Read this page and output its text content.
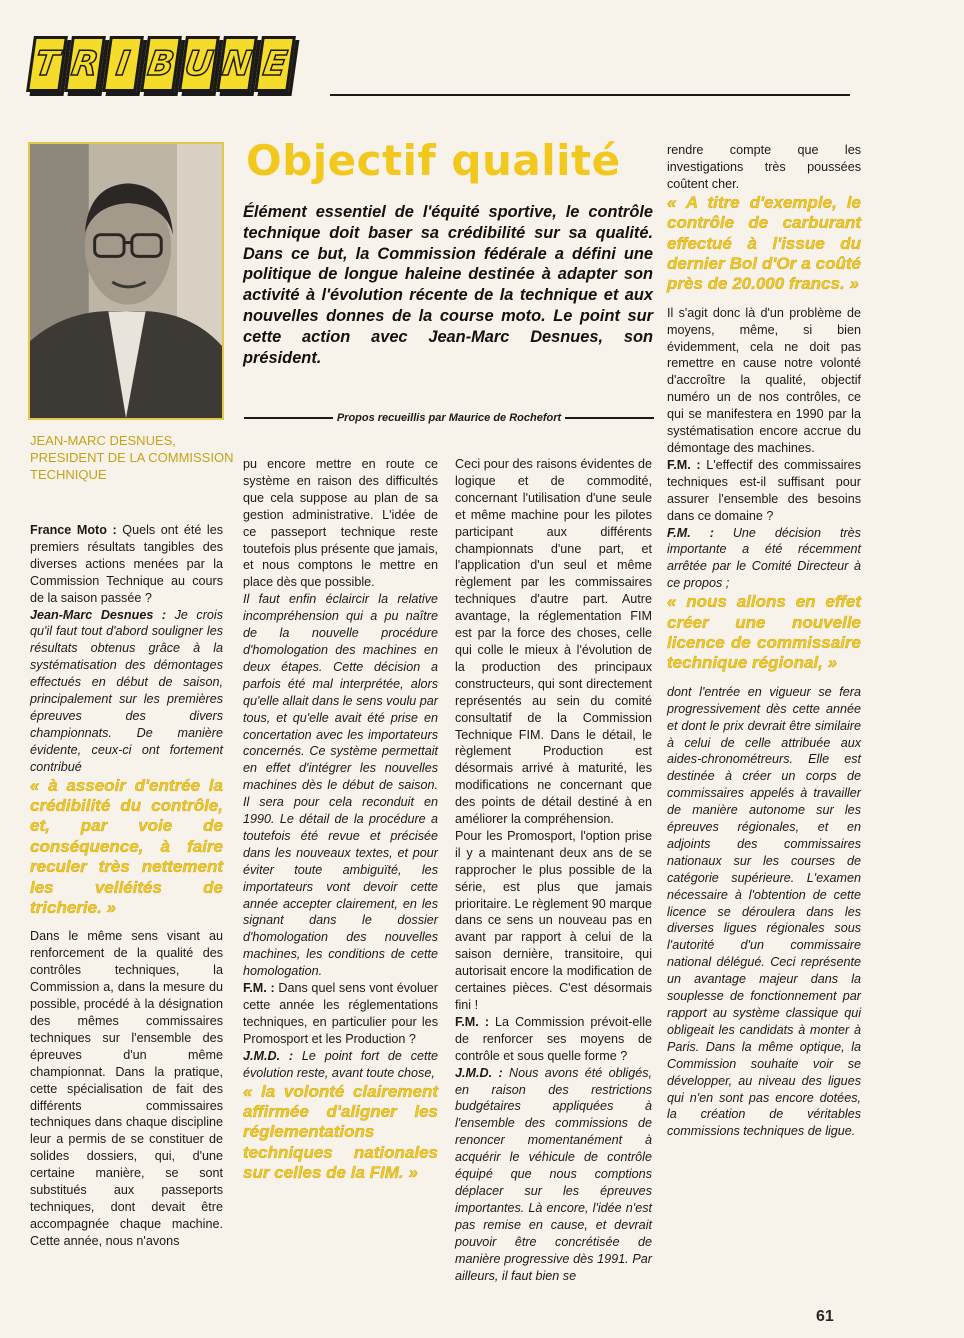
T R I B U N E
JEAN-MARC DESNUES, PRESIDENT DE LA COMMISSION TECHNIQUE
Objectif qualité

Élément essentiel de l'équité sportive, le contrôle technique doit baser sa crédibilité sur sa qualité. Dans ce but, la Commission fédérale a défini une politique de longue haleine destinée à adapter son activité à l'évolution récente de la technique et aux nouvelles donnes de la course moto. Le point sur cette action avec Jean-Marc Desnues, son président.

Propos recueillis par Maurice de Rochefort

France Moto : Quels ont été les premiers résultats tangibles des diverses actions menées par la Commission Technique au cours de la saison passée ?

Jean-Marc Desnues : Je crois qu'il faut tout d'abord souligner les résultats obtenus grâce à la systématisation des démontages effectués en début de saison, principalement sur les premières épreuves des divers championnats. De manière évidente, ceux-ci ont fortement contribué

« à asseoir d'entrée la crédibilité du contrôle, et, par voie de conséquence, à faire reculer très nettement les velléités de tricherie. »

Dans le même sens visant au renforcement de la qualité des contrôles techniques, la Commission a, dans la mesure du possible, procédé à la désignation des mêmes commissaires techniques sur l'ensemble des épreuves d'un même championnat. Dans la pratique, cette spécialisation de fait des différents commissaires techniques dans chaque discipline leur a permis de se constituer de solides dossiers, qui, d'une certaine manière, se sont substitués aux passeports techniques, dont devait être accompagnée chaque machine. Cette année, nous n'avons

pu encore mettre en route ce système en raison des difficultés que cela suppose au plan de sa gestion administrative. L'idée de ce passeport technique reste toutefois plus présente que jamais, et nous comptons le mettre en place dès que possible.

Il faut enfin éclaircir la relative incompréhension qui a pu naître de la nouvelle procédure d'homologation des machines en deux étapes. Cette décision a parfois été mal interprétée, alors qu'elle allait dans le sens voulu par tous, et qu'elle avait été prise en concertation avec les importateurs concernés. Ce système permettait en effet d'intégrer les nouvelles machines dès le début de saison. Il sera pour cela reconduit en 1990. Le détail de la procédure a toutefois été revue et précisée dans les nouveaux textes, et pour éviter toute ambiguïté, les importateurs vont devoir cette année accepter clairement, en les signant dans le dossier d'homologation des nouvelles machines, les conditions de cette homologation.

F.M. : Dans quel sens vont évoluer cette année les réglementations techniques, en particulier pour les Promosport et les Production ?

J.M.D. : Le point fort de cette évolution reste, avant toute chose,

« la volonté clairement affirmée d'aligner les réglementations techniques nationales sur celles de la FIM. »

Ceci pour des raisons évidentes de logique et de commodité, concernant l'utilisation d'une seule et même machine pour les pilotes participant aux différents championnats d'une part, et l'application d'un seul et même règlement par les commissaires techniques d'autre part. Autre avantage, la réglementation FIM est par la force des choses, celle qui colle le mieux à l'évolution de la production des principaux constructeurs, qui sont directement représentés au sein du comité consultatif de la Commission Technique FIM. Dans le détail, le règlement Production est désormais arrivé à maturité, les modifications ne concernant que des points de détail destiné à en améliorer la compréhension.

Pour les Promosport, l'option prise il y a maintenant deux ans de se rapprocher le plus possible de la série, est plus que jamais prioritaire. Le règlement 90 marque dans ce sens un nouveau pas en avant par rapport à celui de la saison dernière, transitoire, qui autorisait encore la modification de certaines pièces. C'est désormais fini !

F.M. : La Commission prévoit-elle de renforcer ses moyens de contrôle et sous quelle forme ?

J.M.D. : Nous avons été obligés, en raison des restrictions budgétaires appliquées à l'ensemble des commissions de renoncer momentanément à acquérir le véhicule de contrôle équipé que nous comptions déplacer sur les épreuves importantes. Là encore, l'idée n'est pas remise en cause, et devrait pouvoir être concrétisée de manière progressive dès 1991. Par ailleurs, il faut bien se

rendre compte que les investigations très poussées coûtent cher.

« A titre d'exemple, le contrôle de carburant effectué à l'issue du dernier Bol d'Or a coûté près de 20.000 francs. »

Il s'agit donc là d'un problème de moyens, même, si bien évidemment, cela ne doit pas remettre en cause notre volonté d'accroître la qualité, objectif numéro un de nos contrôles, ce qui se manifestera en 1990 par la systématisation encore accrue du démontage des machines.

F.M. : L'effectif des commissaires techniques est-il suffisant pour assurer l'ensemble des besoins dans ce domaine ?

F.M. : Une décision très importante a été récemment arrêtée par le Comité Directeur à ce propos ;

« nous allons en effet créer une nouvelle licence de commissaire technique régional, »

dont l'entrée en vigueur se fera progressivement dès cette année et dont le prix devrait être similaire à celui de celle attribuée aux aides-chronométreurs. Elle est destinée à créer un corps de commissaires appelés à travailler de manière autonome sur les épreuves régionales, et en adjoints des commissaires nationaux sur les courses de catégorie supérieure. L'examen nécessaire à l'obtention de cette licence se déroulera dans les diverses ligues régionales sous l'autorité d'un commissaire national délégué. Ceci représente un avantage majeur dans la souplesse de fonctionnement par rapport au système classique qui obligeait les candidats à monter à Paris. Dans la même optique, la Commission souhaite voir se développer, au niveau des ligues qui n'en sont pas encore dotées, la création de véritables commissions techniques de ligue.

61
